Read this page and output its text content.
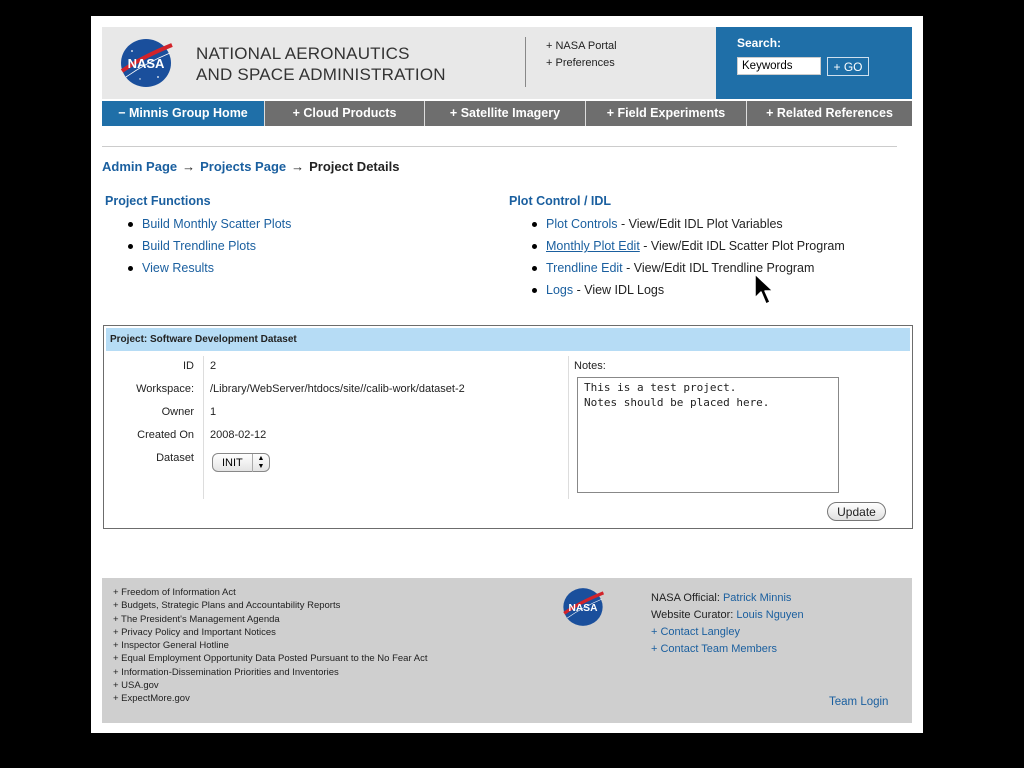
NASA
NATIONAL AERONAUTICS
AND SPACE ADMINISTRATION
+ NASA Portal
+ Preferences
Search:
Keywords
+ GO
− Minnis Group Home	+ Cloud Products	+ Satellite Imagery	+ Field Experiments	+ Related References
Admin Page → Projects Page → Project Details
Project Functions
Build Monthly Scatter Plots
Build Trendline Plots
View Results
Plot Control / IDL
Plot Controls - View/Edit IDL Plot Variables
Monthly Plot Edit - View/Edit IDL Scatter Plot Program
Trendline Edit - View/Edit IDL Trendline Program
Logs - View IDL Logs
Project: Software Development Dataset
ID 2
Workspace: /Library/WebServer/htdocs/site//calib-work/dataset-2
Owner 1
Created On 2008-02-12
Dataset	INIT	▲
▼
Notes:
This is a test project.
Notes should be placed here.
Update
+ Freedom of Information Act
+ Budgets, Strategic Plans and Accountability Reports
+ The President's Management Agenda
+ Privacy Policy and Important Notices
+ Inspector General Hotline
+ Equal Employment Opportunity Data Posted Pursuant to the No Fear Act
+ Information-Dissemination Priorities and Inventories
+ USA.gov
+ ExpectMore.gov
NASA
NASA Official: Patrick Minnis
Website Curator: Louis Nguyen
+ Contact Langley
+ Contact Team Members
Team Login
